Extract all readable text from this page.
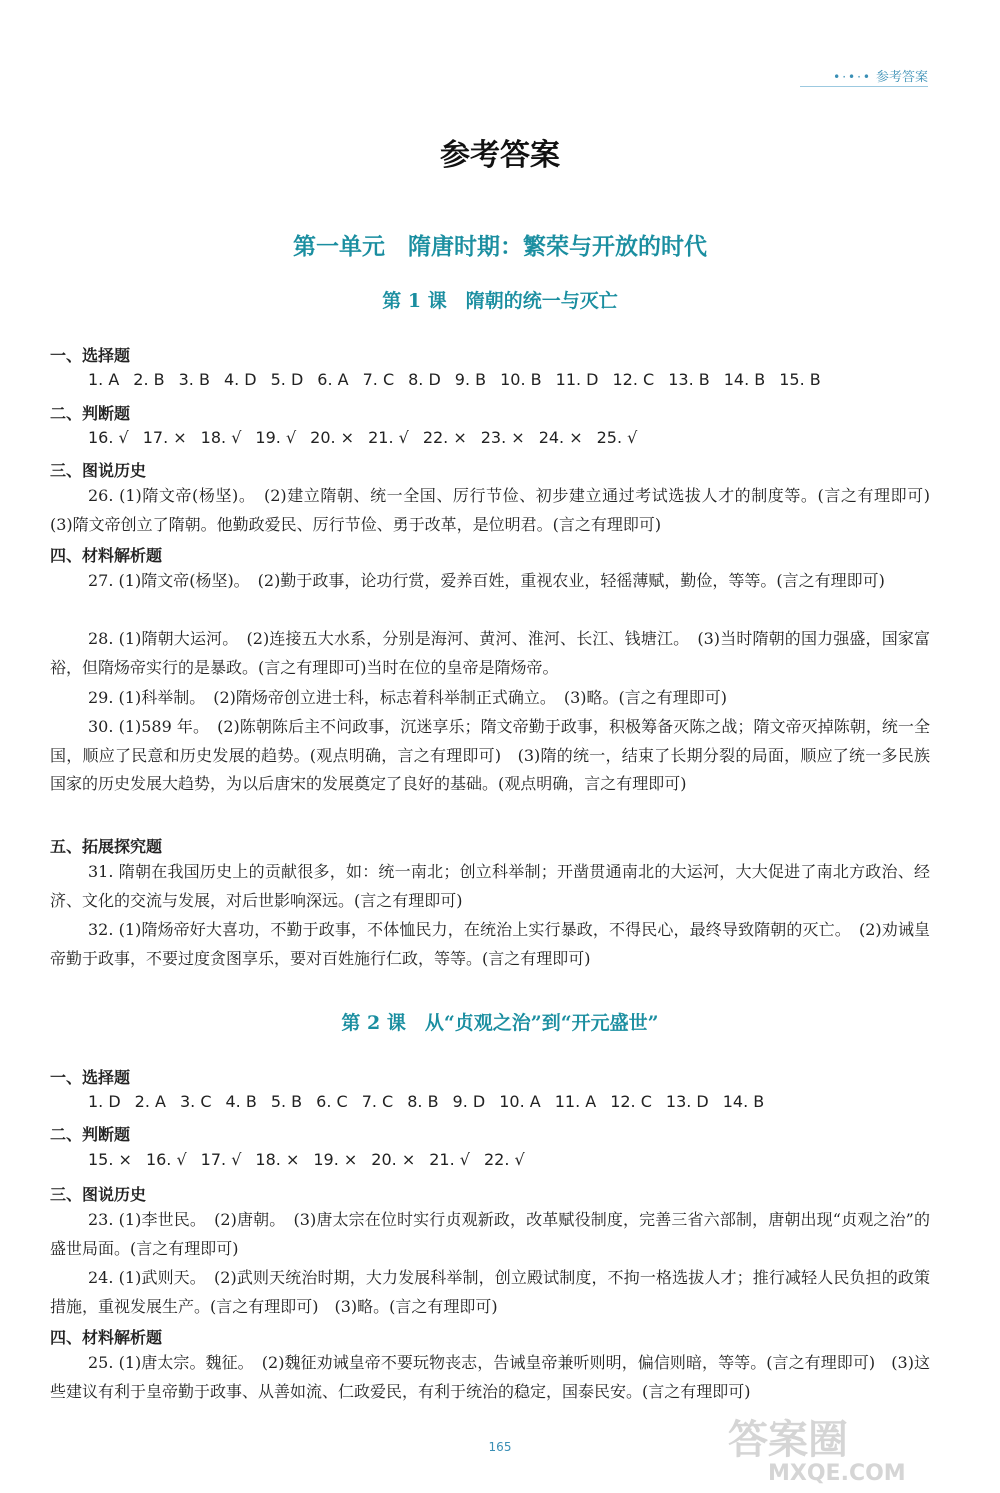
•·•·• 参考答案
参考答案
第一单元　隋唐时期：繁荣与开放的时代
第 1 课　隋朝的统一与灭亡
一、选择题
1. A 2. B 3. B 4. D 5. D 6. A 7. C 8. D 9. B 10. B 11. D 12. C 13. B 14. B 15. B
二、判断题
16. √ 17. × 18. √ 19. √ 20. × 21. √ 22. × 23. × 24. × 25. √
三、图说历史
26. (1)隋文帝(杨坚)。　(2)建立隋朝、统一全国、厉行节俭、初步建立通过考试选拔人才的制度等。(言之有理即可)　(3)隋文帝创立了隋朝。他勤政爱民、厉行节俭、勇于改革，是位明君。(言之有理即可)
四、材料解析题
27. (1)隋文帝(杨坚)。　(2)勤于政事，论功行赏，爱养百姓，重视农业，轻徭薄赋，勤俭，等等。(言之有理即可)
28. (1)隋朝大运河。　(2)连接五大水系，分别是海河、黄河、淮河、长江、钱塘江。　(3)当时隋朝的国力强盛，国家富裕，但隋炀帝实行的是暴政。(言之有理即可)当时在位的皇帝是隋炀帝。
29. (1)科举制。　(2)隋炀帝创立进士科，标志着科举制正式确立。　(3)略。(言之有理即可)
30. (1)589 年。　(2)陈朝陈后主不问政事，沉迷享乐；隋文帝勤于政事，积极筹备灭陈之战；隋文帝灭掉陈朝，统一全国，顺应了民意和历史发展的趋势。(观点明确，言之有理即可)　(3)隋的统一，结束了长期分裂的局面，顺应了统一多民族国家的历史发展大趋势，为以后唐宋的发展奠定了良好的基础。(观点明确，言之有理即可)
五、拓展探究题
31. 隋朝在我国历史上的贡献很多，如：统一南北；创立科举制；开凿贯通南北的大运河，大大促进了南北方政治、经济、文化的交流与发展，对后世影响深远。(言之有理即可)
32. (1)隋炀帝好大喜功，不勤于政事，不体恤民力，在统治上实行暴政，不得民心，最终导致隋朝的灭亡。　(2)劝诫皇帝勤于政事，不要过度贪图享乐，要对百姓施行仁政，等等。(言之有理即可)
第 2 课　从“贞观之治”到“开元盛世”
一、选择题
1. D 2. A 3. C 4. B 5. B 6. C 7. C 8. B 9. D 10. A 11. A 12. C 13. D 14. B
二、判断题
15. × 16. √ 17. √ 18. × 19. × 20. × 21. √ 22. √
三、图说历史
23. (1)李世民。　(2)唐朝。　(3)唐太宗在位时实行贞观新政，改革赋役制度，完善三省六部制，唐朝出现“贞观之治”的盛世局面。(言之有理即可)
24. (1)武则天。　(2)武则天统治时期，大力发展科举制，创立殿试制度，不拘一格选拔人才；推行减轻人民负担的政策措施，重视发展生产。(言之有理即可)　(3)略。(言之有理即可)
四、材料解析题
25. (1)唐太宗。魏征。　(2)魏征劝诫皇帝不要玩物丧志，告诫皇帝兼听则明，偏信则暗，等等。(言之有理即可)　(3)这些建议有利于皇帝勤于政事、从善如流、仁政爱民，有利于统治的稳定，国泰民安。(言之有理即可)
165	答案圈
MXQE.COM
